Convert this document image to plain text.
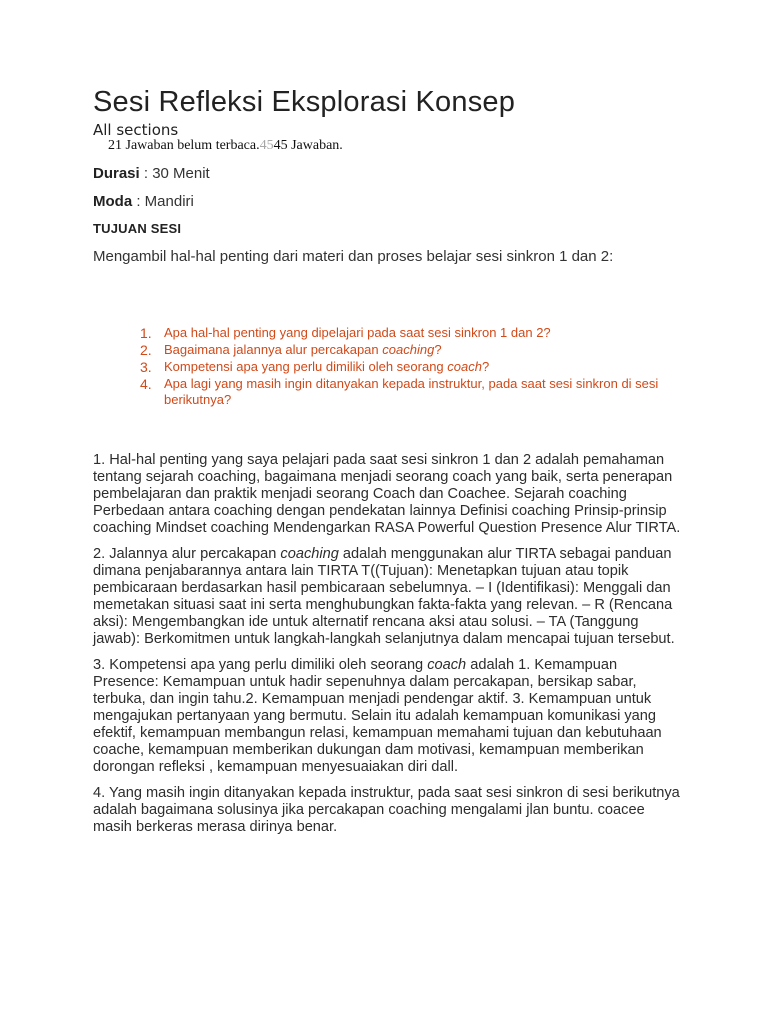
Sesi Refleksi Eksplorasi Konsep
All sections
21 Jawaban belum terbaca.4545 Jawaban.
Durasi : 30 Menit
Moda : Mandiri
TUJUAN SESI
Mengambil hal-hal penting dari materi dan proses belajar sesi sinkron 1 dan 2:
1. Apa hal-hal penting yang dipelajari pada saat sesi sinkron 1 dan 2?
2. Bagaimana jalannya alur percakapan coaching?
3. Kompetensi apa yang perlu dimiliki oleh seorang coach?
4. Apa lagi yang masih ingin ditanyakan kepada instruktur, pada saat sesi sinkron di sesi berikutnya?

1. Hal-hal penting yang saya pelajari pada saat sesi sinkron 1 dan 2 adalah pemahaman tentang sejarah coaching, bagaimana menjadi seorang coach yang baik, serta penerapan pembelajaran dan praktik menjadi seorang Coach dan Coachee. Sejarah coaching Perbedaan antara coaching dengan pendekatan lainnya Definisi coaching Prinsip-prinsip coaching Mindset coaching Mendengarkan RASA Powerful Question Presence Alur TIRTA.

2. Jalannya alur percakapan coaching adalah menggunakan alur TIRTA sebagai panduan dimana penjabarannya antara lain TIRTA T((Tujuan): Menetapkan tujuan atau topik pembicaraan berdasarkan hasil pembicaraan sebelumnya. – I (Identifikasi): Menggali dan memetakan situasi saat ini serta menghubungkan fakta-fakta yang relevan. – R (Rencana aksi): Mengembangkan ide untuk alternatif rencana aksi atau solusi. – TA (Tanggung jawab): Berkomitmen untuk langkah-langkah selanjutnya dalam mencapai tujuan tersebut.

3. Kompetensi apa yang perlu dimiliki oleh seorang coach adalah 1. Kemampuan Presence: Kemampuan untuk hadir sepenuhnya dalam percakapan, bersikap sabar, terbuka, dan ingin tahu.2. Kemampuan menjadi pendengar aktif. 3. Kemampuan untuk mengajukan pertanyaan yang bermutu. Selain itu adalah kemampuan komunikasi yang efektif, kemampuan membangun relasi, kemampuan memahami tujuan dan kebutuhaan coache, kemampuan memberikan dukungan dam motivasi, kemampuan memberikan dorongan refleksi , kemampuan menyesuaiakan diri dall.

4. Yang masih ingin ditanyakan kepada instruktur, pada saat sesi sinkron di sesi berikutnya adalah bagaimana solusinya jika percakapan coaching mengalami jlan buntu. coacee masih berkeras merasa dirinya benar.
